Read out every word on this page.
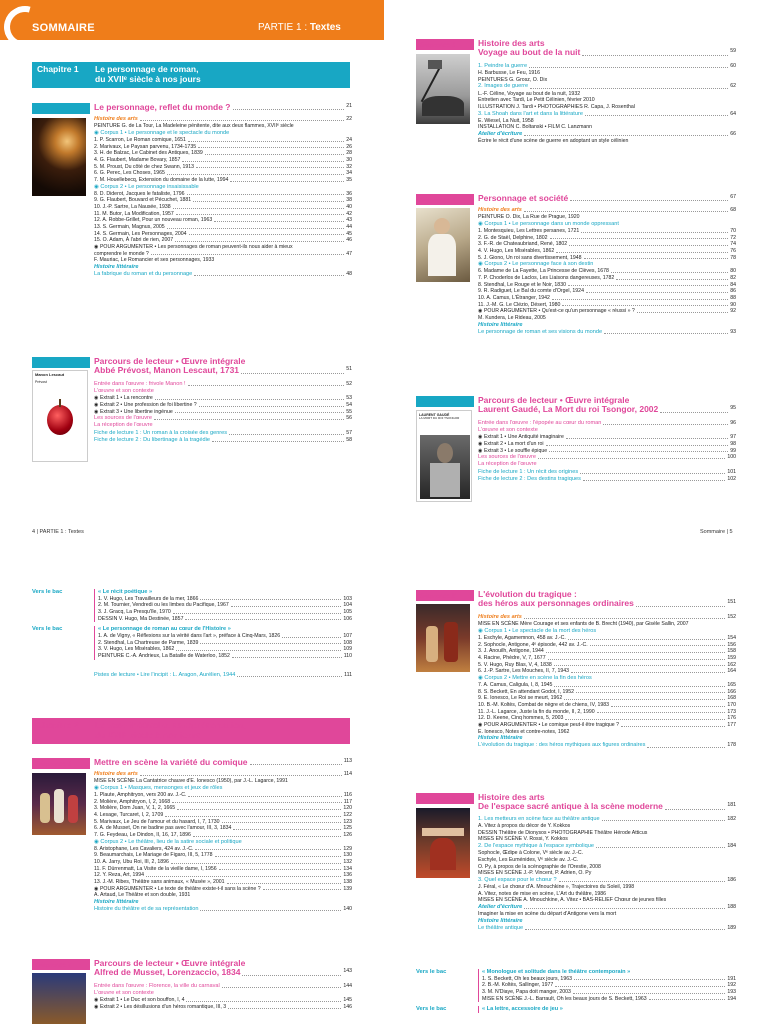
SOMMAIRE	PARTIE 1 : Textes
Chapitre 1	Le personnage de roman,
du XVIIᵉ siècle à nos jours
Séquence 1	Le personnage, reflet du monde ?	21
Histoire des arts	22
PEINTURE G. de La Tour, La Madeleine pénitente, dite aux deux flammes, XVIIᵉ siècle
◉ Corpus 1 • Le personnage et le spectacle du monde
1. P. Scarron, Le Roman comique, 1651	24
2. Marivaux, Le Paysan parvenu, 1734-1735	26
3. H. de Balzac, Le Cabinet des Antiques, 1839	28
4. G. Flaubert, Madame Bovary, 1857	30
5. M. Proust, Du côté de chez Swann, 1913	32
6. G. Perec, Les Choses, 1965	34
7. M. Houellebecq, Extension du domaine de la lutte, 1994	35
◉ Corpus 2 • Le personnage insaisissable
8. D. Diderot, Jacques le fataliste, 1796	36
9. G. Flaubert, Bouvard et Pécuchet, 1881	38
10. J.-P. Sartre, La Nausée, 1938	40
11. M. Butor, La Modification, 1957	42
12. A. Robbe-Grillet, Pour un nouveau roman, 1963	43
13. S. Germain, Magnus, 2005	44
14. S. Germain, Les Personnages, 2004	45
15. O. Adam, À l'abri de rien, 2007	46
◉ POUR ARGUMENTER • Les personnages de roman peuvent-ils nous aider à mieux
comprendre le monde ?	47
F. Mauriac, Le Romancier et ses personnages, 1933
Histoire littéraire
La fabrique du roman et du personnage	48
Séquence 2	Parcours de lecteur • Œuvre intégrale
Abbé Prévost, Manon Lescaut, 1731	51
Manon Lescaut
Prévost	Entrée dans l'œuvre : frivole Manon !	52
L'œuvre et son contexte
◉ Extrait 1 • La rencontre	53
◉ Extrait 2 • Une profession de foi libertine ?	54
◉ Extrait 3 • Une libertine ingénue	55
Les sources de l'œuvre	56
La réception de l'œuvre
Fiche de lecture 1 : Un roman à la croisée des genres	57
Fiche de lecture 2 : Du libertinage à la tragédie	58
4 | PARTIE 1 : Textes
Séquence 3	Histoire des arts
Voyage au bout de la nuit	59
1. Peindre la guerre	60
H. Barbusse, Le Feu, 1916
PEINTURES G. Grosz, O. Dix
2. Images de guerre	62
L.-F. Céline, Voyage au bout de la nuit, 1932
Entretien avec Tardi, Le Petit Célinien, février 2010
ILLUSTRATION J. Tardi • PHOTOGRAPHIES R. Capa, J. Rosenthal
3. La Shoah dans l'art et dans la littérature	64
E. Wiesel, La Nuit, 1958
INSTALLATION C. Boltanski • FILM C. Lanzmann
Atelier d'écriture	66
Écrire le récit d'une scène de guerre en adoptant un style célinien
Séquence 4	Personnage et société	67
Histoire des arts	68
PEINTURE O. Dix, La Rue de Prague, 1920
◉ Corpus 1 • Le personnage dans un monde oppressant
1. Montesquieu, Les Lettres persanes, 1721	70
2. G. de Staël, Delphine, 1802	72
3. F.-R. de Chateaubriand, René, 1802	74
4. V. Hugo, Les Misérables, 1862	76
5. J. Giono, Un roi sans divertissement, 1948	78
◉ Corpus 2 • Le personnage face à son destin
6. Madame de La Fayette, La Princesse de Clèves, 1678	80
7. P. Choderlos de Laclos, Les Liaisons dangereuses, 1782	82
8. Stendhal, Le Rouge et le Noir, 1830	84
9. R. Radiguet, Le Bal du comte d'Orgel, 1924	86
10. A. Camus, L'Étranger, 1942	88
11. J.-M. G. Le Clézio, Désert, 1980	90
◉ POUR ARGUMENTER • Qu'est-ce qu'un personnage « réussi » ?	92
M. Kundera, Le Rideau, 2005
Histoire littéraire
Le personnage de roman et ses visions du monde	93
Séquence 5	Parcours de lecteur • Œuvre intégrale
Laurent Gaudé, La Mort du roi Tsongor, 2002	95
LAURENT GAUDÉ
LA MORT DU ROI TSONGOR
Entrée dans l'œuvre : l'épopée au cœur du roman	96
L'œuvre et son contexte
◉ Extrait 1 • Une Antiquité imaginaire	97
◉ Extrait 2 • La mort d'un roi	98
◉ Extrait 3 • Le souffle épique	99
Les sources de l'œuvre	100
La réception de l'œuvre
Fiche de lecture 1 : Un récit des origines	101
Fiche de lecture 2 : Des destins tragiques	102
Sommaire | 5
Vers le bac	« Le récit poétique »
1. V. Hugo, Les Travailleurs de la mer, 1866	103
2. M. Tournier, Vendredi ou les limbes du Pacifique, 1967	104
3. J. Gracq, La Presqu'île, 1970	105
DESSIN V. Hugo, Ma Destinée, 1857	106
Vers le bac	« Le personnage de roman au cœur de l'Histoire »
1. A. de Vigny, « Réflexions sur la vérité dans l'art », préface à Cinq-Mars, 1826	107
2. Stendhal, La Chartreuse de Parme, 1839	108
3. V. Hugo, Les Misérables, 1862	109
PEINTURE C.-A. Andrieux, La Bataille de Waterloo, 1852	110
Pistes de lecture • Lire l'incipit : L. Aragon, Aurélien, 1944	111
Chapitre 2	Le texte théâtral et sa représentation,
du XVIIᵉ siècle à nos jours
Séquence 6	Mettre en scène la variété du comique	113
Histoire des arts	114
MISE EN SCÈNE La Cantatrice chauve d'E. Ionesco (1950), par J.-L. Lagarce, 1991
◉ Corpus 1 • Masques, mensonges et jeux de rôles
1. Plaute, Amphitryon, vers 200 av. J.-C.	116
2. Molière, Amphitryon, I, 2, 1668	117
3. Molière, Dom Juan, V, 1, 2, 1665	120
4. Lesage, Turcaret, I, 2, 1709	122
5. Marivaux, Le Jeu de l'amour et du hasard, I, 7, 1730	123
6. A. de Musset, On ne badine pas avec l'amour, III, 3, 1834	125
7. G. Feydeau, Le Dindon, II, 16, 17, 1896	126
◉ Corpus 2 • Le théâtre, lieu de la satire sociale et politique
8. Aristophane, Les Cavaliers, 424 av. J.-C.	129
9. Beaumarchais, Le Mariage de Figaro, III, 5, 1778	130
10. A. Jarry, Ubu Roi, III, 2, 1896	132
11. F. Dürrenmatt, La Visite de la vieille dame, I, 1956	134
12. Y. Reza, Art, 1994	136
13. J.-M. Ribes, Théâtre sans animaux, « Musée », 2001	138
◉ POUR ARGUMENTER • Le texte de théâtre existe-t-il sans la scène ?	139
A. Artaud, Le Théâtre et son double, 1931
Histoire littéraire
Histoire du théâtre et de sa représentation	140
Séquence 7	Parcours de lecteur • Œuvre intégrale
Alfred de Musset, Lorenzaccio, 1834	143
Entrée dans l'œuvre : Florence, la ville du carnaval	144
L'œuvre et son contexte
◉ Extrait 1 • Le Duc et son bouffon, I, 4	145
◉ Extrait 2 • Les désillusions d'un héros romantique, III, 3	146
Séquence 8	L'évolution du tragique :
des héros aux personnages ordinaires	151
Histoire des arts	152
MISE EN SCÈNE Mère Courage et ses enfants de B. Brecht (1940), par Gisèle Sallin, 2007
◉ Corpus 1 • Le spectacle de la mort des héros
1. Eschyle, Agamemnon, 458 av. J.-C.	154
2. Sophocle, Antigone, 4ᵉ épisode, 442 av. J.-C.	156
3. J. Anouilh, Antigone, 1944	158
4. Racine, Phèdre, V, 7, 1677	159
5. V. Hugo, Ruy Blas, V, 4, 1838	162
6. J.-P. Sartre, Les Mouches, II, 7, 1943	164
◉ Corpus 2 • Mettre en scène la fin des héros
7. A. Camus, Caligula, I, 8, 1945	165
8. S. Beckett, En attendant Godot, I, 1952	166
9. E. Ionesco, Le Roi se meurt, 1962	168
10. B.-M. Koltès, Combat de nègre et de chiens, IV, 1983	170
11. J.-L. Lagarce, Juste la fin du monde, II, 2, 1990	173
12. D. Keene, Cinq hommes, 5, 2003	176
◉ POUR ARGUMENTER • Le comique peut-il être tragique ?	177
E. Ionesco, Notes et contre-notes, 1962
Histoire littéraire
L'évolution du tragique : des héros mythiques aux figures ordinaires	178
Séquence 9	Histoire des arts
De l'espace sacré antique à la scène moderne	181
1. Les metteurs en scène face au théâtre antique	182
A. Vitez à propos du décor de Y. Kokkos
DESSIN Théâtre de Dionysos • PHOTOGRAPHIE Théâtre Hérode Atticus
MISES EN SCÈNE V. Rossi, Y. Kokkos
2. De l'espace mythique à l'espace symbolique	184
Sophocle, Œdipe à Colone, Vᵉ siècle av. J.-C.
Eschyle, Les Euménides, Vᵉ siècle av. J.-C.
O. Py, à propos de la scénographie de l'Orestie, 2008
MISES EN SCÈNE J.-P. Vincent, P. Adrien, O. Py
3. Quel espace pour le chœur ?	186
J. Féral, « Le chœur d'A. Mnouchkine », Trajectoires du Soleil, 1998
A. Vitez, notes de mise en scène, L'Art du théâtre, 1986
MISES EN SCÈNE A. Mnouchkine, A. Vitez • BAS-RELIEF Chœur de jeunes filles
Atelier d'écriture	188
Imaginer la mise en scène du départ d'Antigone vers la mort
Histoire littéraire
Le théâtre antique	189
Vers le bac	« Monologue et solitude dans le théâtre contemporain »
1. S. Beckett, Oh les beaux jours, 1963	191
2. B.-M. Koltès, Sallinger, 1977	192
3. M. N'Diaye, Papa doit manger, 2003	193
MISE EN SCÈNE J.-L. Barrault, Oh les beaux jours de S. Beckett, 1963	194
Vers le bac	« La lettre, accessoire de jeu »
